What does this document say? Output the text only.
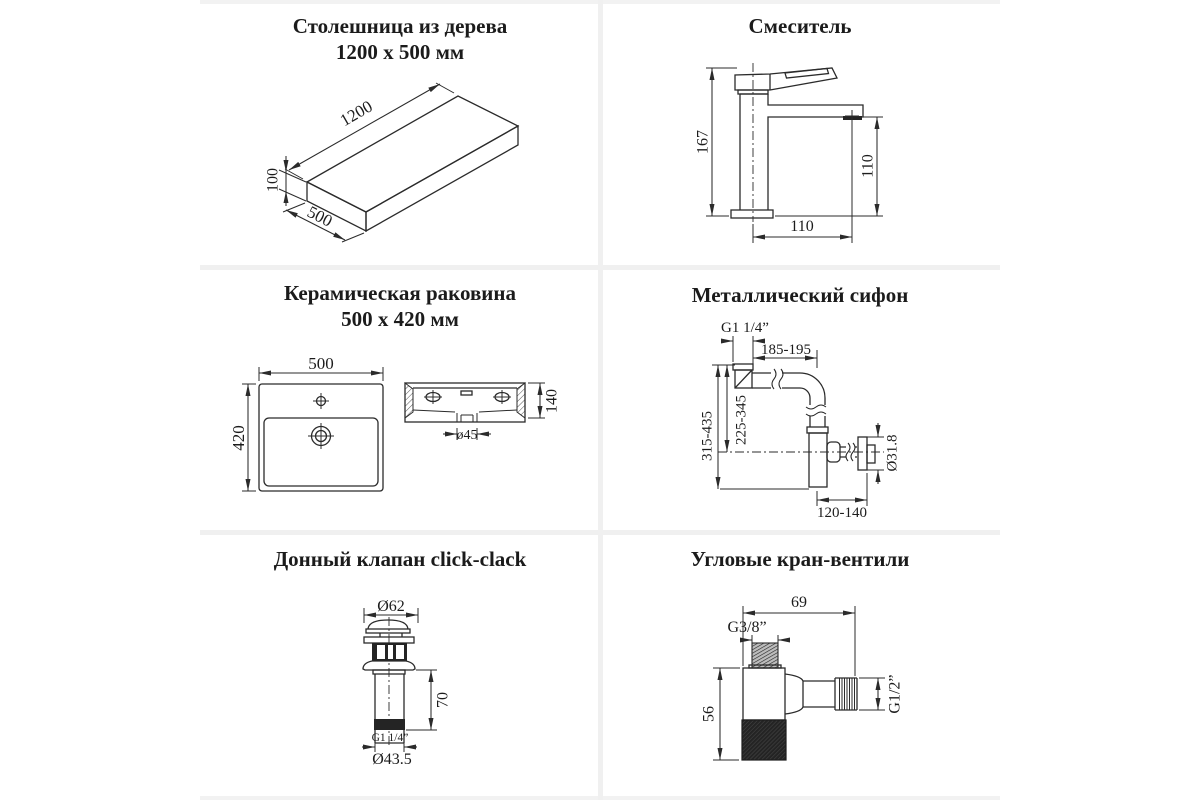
Столешница из дерева
1200 x 500 мм
Смеситель
Керамическая раковина
500 x 420 мм
Металлический сифон
Донный клапан click-clack	Угловые кран-вентили
1200
100
500
167
110
110
500
420
140
ø45
G1 1/4”
185-195
315-435 225-345
Ø31.8
120-140
Ø62
70
G1 1/4”
Ø43.5
69
G3/8”
56
G1/2”
